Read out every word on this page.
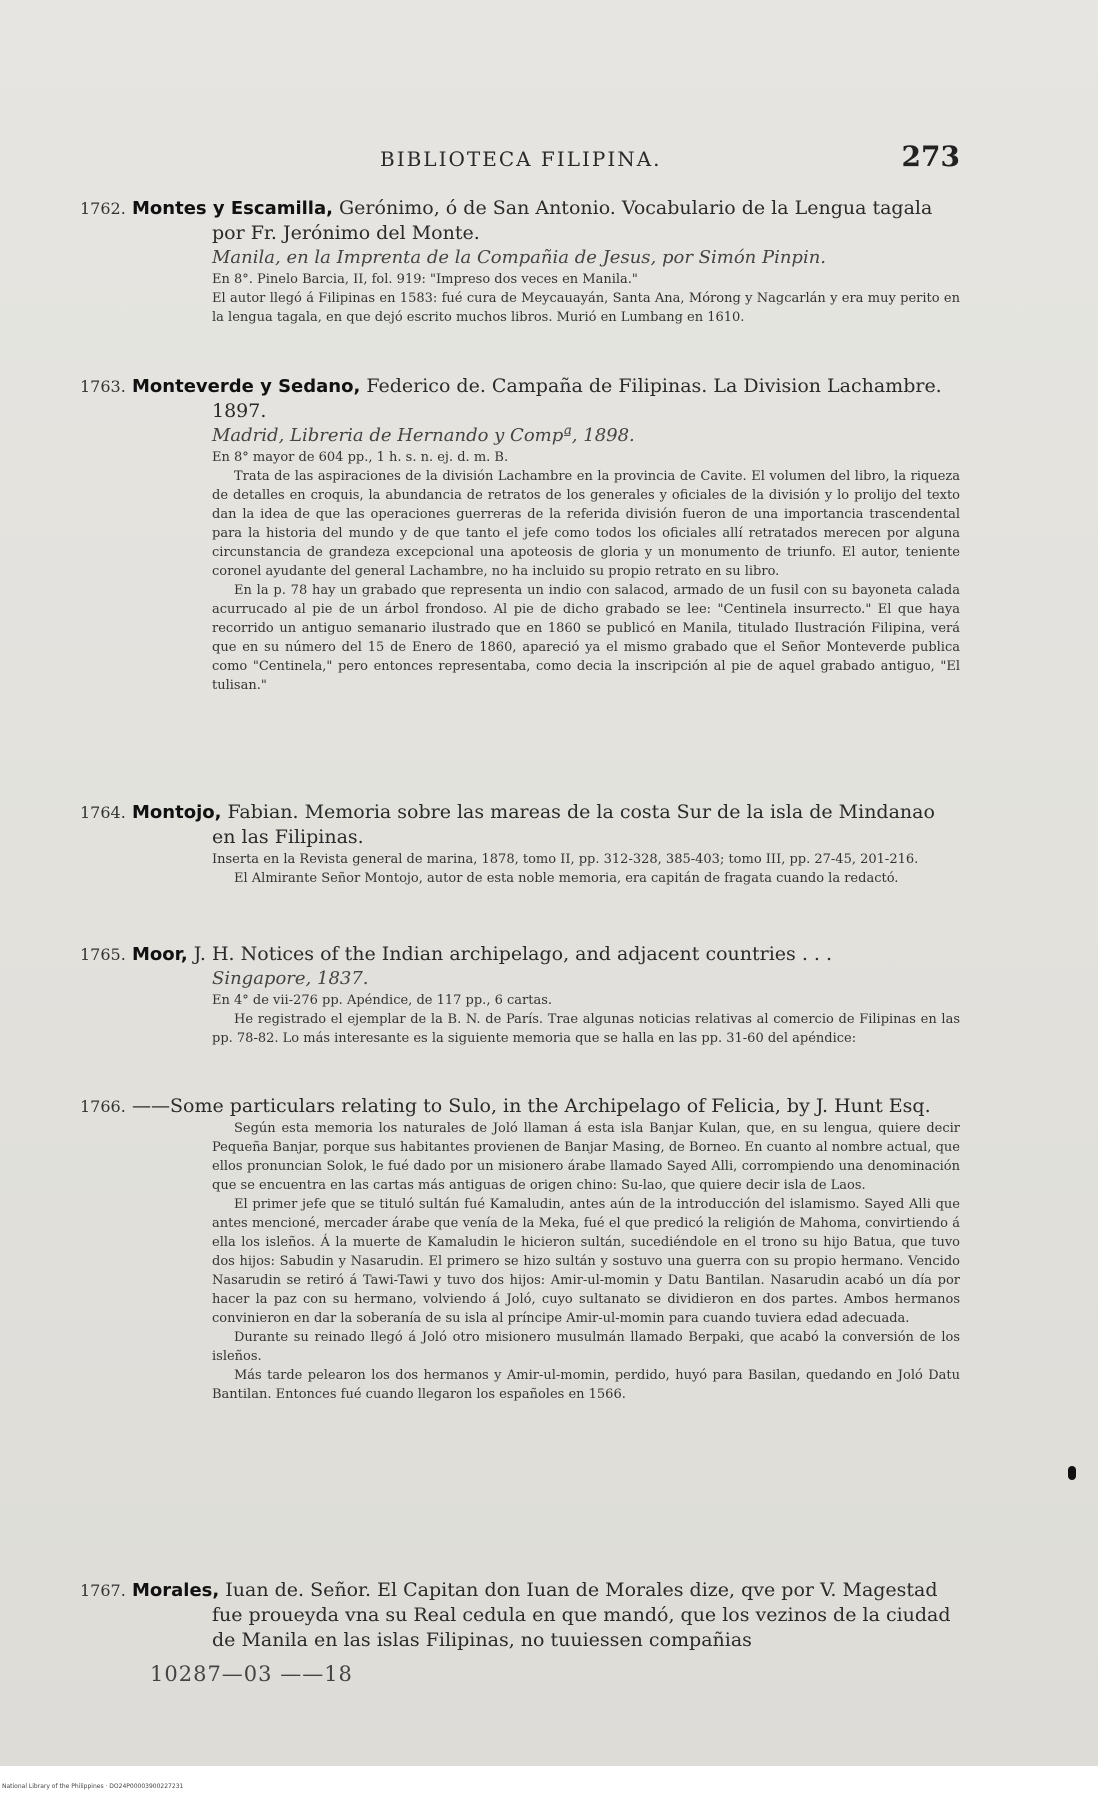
BIBLIOTECA FILIPINA.	273
1762. Montes y Escamilla, Gerónimo, ó de San Antonio. Vocabulario de la Lengua tagala por Fr. Jerónimo del Monte.
Manila, en la Imprenta de la Compañia de Jesus, por Simón Pinpin.
En 8°. Pinelo Barcia, II, fol. 919: "Impreso dos veces en Manila."
El autor llegó á Filipinas en 1583: fué cura de Meycauayán, Santa Ana, Mórong y Nagcarlán y era muy perito en la lengua tagala, en que dejó escrito muchos libros. Murió en Lumbang en 1610.
1763. Monteverde y Sedano, Federico de. Campaña de Filipinas. La Division Lachambre. 1897.
Madrid, Libreria de Hernando y Compª, 1898.
En 8° mayor de 604 pp., 1 h. s. n. ej. d. m. B.
Trata de las aspiraciones de la división Lachambre en la provincia de Cavite. El volumen del libro, la riqueza de detalles en croquis, la abundancia de retratos de los generales y oficiales de la división y lo prolijo del texto dan la idea de que las operaciones guerreras de la referida división fueron de una importancia trascendental para la historia del mundo y de que tanto el jefe como todos los oficiales allí retratados merecen por alguna circunstancia de grandeza excepcional una apoteosis de gloria y un monumento de triunfo. El autor, teniente coronel ayudante del general Lachambre, no ha incluido su propio retrato en su libro.
En la p. 78 hay un grabado que representa un indio con salacod, armado de un fusil con su bayoneta calada acurrucado al pie de un árbol frondoso. Al pie de dicho grabado se lee: "Centinela insurrecto." El que haya recorrido un antiguo semanario ilustrado que en 1860 se publicó en Manila, titulado Ilustración Filipina, verá que en su número del 15 de Enero de 1860, apareció ya el mismo grabado que el Señor Monteverde publica como "Centinela," pero entonces representaba, como decia la inscripción al pie de aquel grabado antiguo, "El tulisan."
1764. Montojo, Fabian. Memoria sobre las mareas de la costa Sur de la isla de Mindanao en las Filipinas.
Inserta en la Revista general de marina, 1878, tomo II, pp. 312-328, 385-403; tomo III, pp. 27-45, 201-216.
El Almirante Señor Montojo, autor de esta noble memoria, era capitán de fragata cuando la redactó.
1765. Moor, J. H. Notices of the Indian archipelago, and adjacent countries . . .
Singapore, 1837.
En 4° de vii-276 pp. Apéndice, de 117 pp., 6 cartas.
He registrado el ejemplar de la B. N. de París. Trae algunas noticias relativas al comercio de Filipinas en las pp. 78-82. Lo más interesante es la siguiente memoria que se halla en las pp. 31-60 del apéndice:
1766. ——Some particulars relating to Sulo, in the Archipelago of Felicia, by J. Hunt Esq.
Según esta memoria los naturales de Joló llaman á esta isla Banjar Kulan, que, en su lengua, quiere decir Pequeña Banjar, porque sus habitantes provienen de Banjar Masing, de Borneo. En cuanto al nombre actual, que ellos pronuncian Solok, le fué dado por un misionero árabe llamado Sayed Alli, corrompiendo una denominación que se encuentra en las cartas más antiguas de origen chino: Su-lao, que quiere decir isla de Laos.
El primer jefe que se tituló sultán fué Kamaludin, antes aún de la introducción del islamismo. Sayed Alli que antes mencioné, mercader árabe que venía de la Meka, fué el que predicó la religión de Mahoma, convirtiendo á ella los isleños. Á la muerte de Kamaludin le hicieron sultán, sucediéndole en el trono su hijo Batua, que tuvo dos hijos: Sabudin y Nasarudin. El primero se hizo sultán y sostuvo una guerra con su propio hermano. Vencido Nasarudin se retiró á Tawi-Tawi y tuvo dos hijos: Amir-ul-momin y Datu Bantilan. Nasarudin acabó un día por hacer la paz con su hermano, volviendo á Joló, cuyo sultanato se dividieron en dos partes. Ambos hermanos convinieron en dar la soberanía de su isla al príncipe Amir-ul-momin para cuando tuviera edad adecuada.
Durante su reinado llegó á Joló otro misionero musulmán llamado Berpaki, que acabó la conversión de los isleños.
Más tarde pelearon los dos hermanos y Amir-ul-momin, perdido, huyó para Basilan, quedando en Joló Datu Bantilan. Entonces fué cuando llegaron los españoles en 1566.
1767. Morales, Iuan de. Señor. El Capitan don Iuan de Morales dize, qve por V. Magestad fue proueyda vna su Real cedula en que mandó, que los vezinos de la ciudad de Manila en las islas Filipinas, no tuuiessen compañias
10287—03 ——18
National Library of the Philippines · DO24P00003900227231
